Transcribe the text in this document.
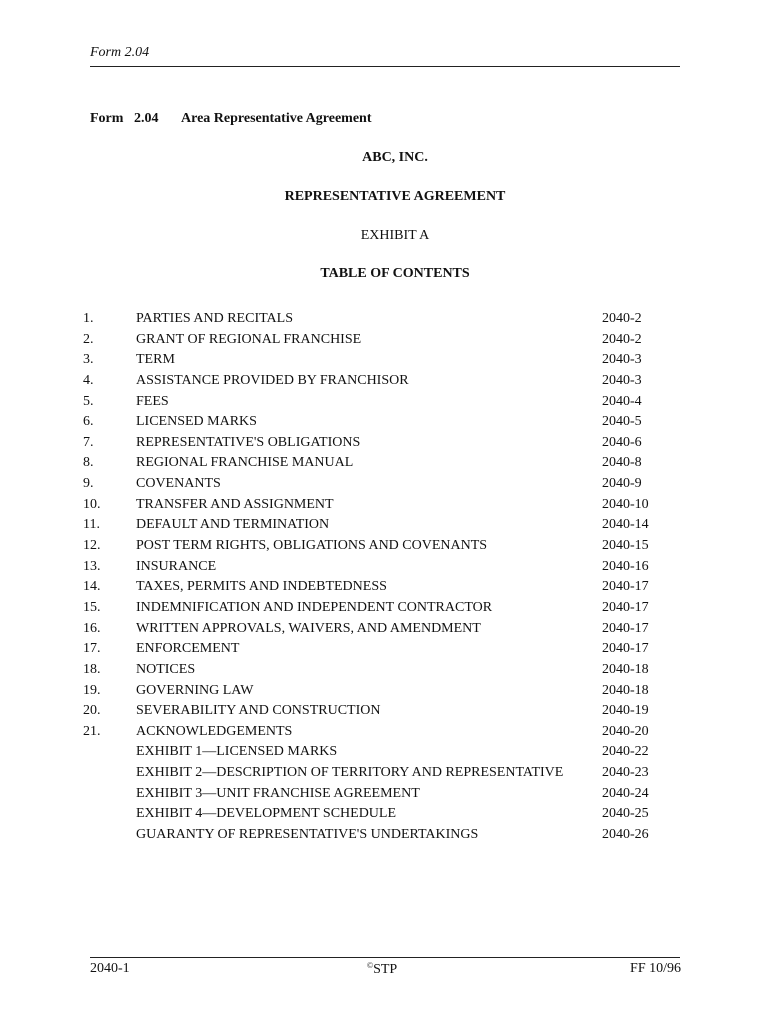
Form 2.04
Form 2.04 Area Representative Agreement
ABC, INC.
REPRESENTATIVE AGREEMENT
EXHIBIT A
TABLE OF CONTENTS
1.	PARTIES AND RECITALS	2040-2
2.	GRANT OF REGIONAL FRANCHISE	2040-2
3.	TERM	2040-3
4.	ASSISTANCE PROVIDED BY FRANCHISOR	2040-3
5.	FEES	2040-4
6.	LICENSED MARKS	2040-5
7.	REPRESENTATIVE'S OBLIGATIONS	2040-6
8.	REGIONAL FRANCHISE MANUAL	2040-8
9.	COVENANTS	2040-9
10.	TRANSFER AND ASSIGNMENT	2040-10
11.	DEFAULT AND TERMINATION	2040-14
12.	POST TERM RIGHTS, OBLIGATIONS AND COVENANTS	2040-15
13.	INSURANCE	2040-16
14.	TAXES, PERMITS AND INDEBTEDNESS	2040-17
15.	INDEMNIFICATION AND INDEPENDENT CONTRACTOR	2040-17
16.	WRITTEN APPROVALS, WAIVERS, AND AMENDMENT	2040-17
17.	ENFORCEMENT	2040-17
18.	NOTICES	2040-18
19.	GOVERNING LAW	2040-18
20.	SEVERABILITY AND CONSTRUCTION	2040-19
21.	ACKNOWLEDGEMENTS	2040-20
EXHIBIT 1—LICENSED MARKS	2040-22
EXHIBIT 2—DESCRIPTION OF TERRITORY AND REPRESENTATIVE	2040-23
EXHIBIT 3—UNIT FRANCHISE AGREEMENT	2040-24
EXHIBIT 4—DEVELOPMENT SCHEDULE	2040-25
GUARANTY OF REPRESENTATIVE'S UNDERTAKINGS	2040-26
2040-1	©STP	FF 10/96
